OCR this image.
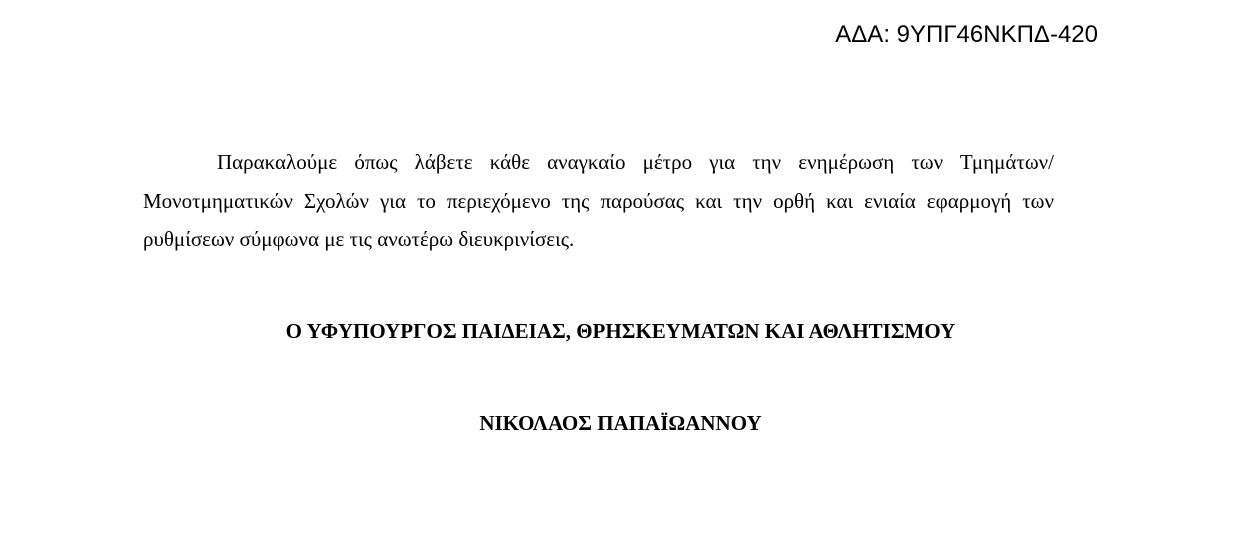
ΑΔΑ: 9ΥΠΓ46ΝΚΠΔ-420

Παρακαλούμε όπως λάβετε κάθε αναγκαίο μέτρο για την ενημέρωση των Τμημάτων/Μονοτμηματικών Σχολών για το περιεχόμενο της παρούσας και την ορθή και ενιαία εφαρμογή των ρυθμίσεων σύμφωνα με τις ανωτέρω διευκρινίσεις.

Ο ΥΦΥΠΟΥΡΓΟΣ ΠΑΙΔΕΙΑΣ, ΘΡΗΣΚΕΥΜΑΤΩΝ ΚΑΙ ΑΘΛΗΤΙΣΜΟΥ
ΝΙΚΟΛΑΟΣ ΠΑΠΑΪΩΑΝΝΟΥ
